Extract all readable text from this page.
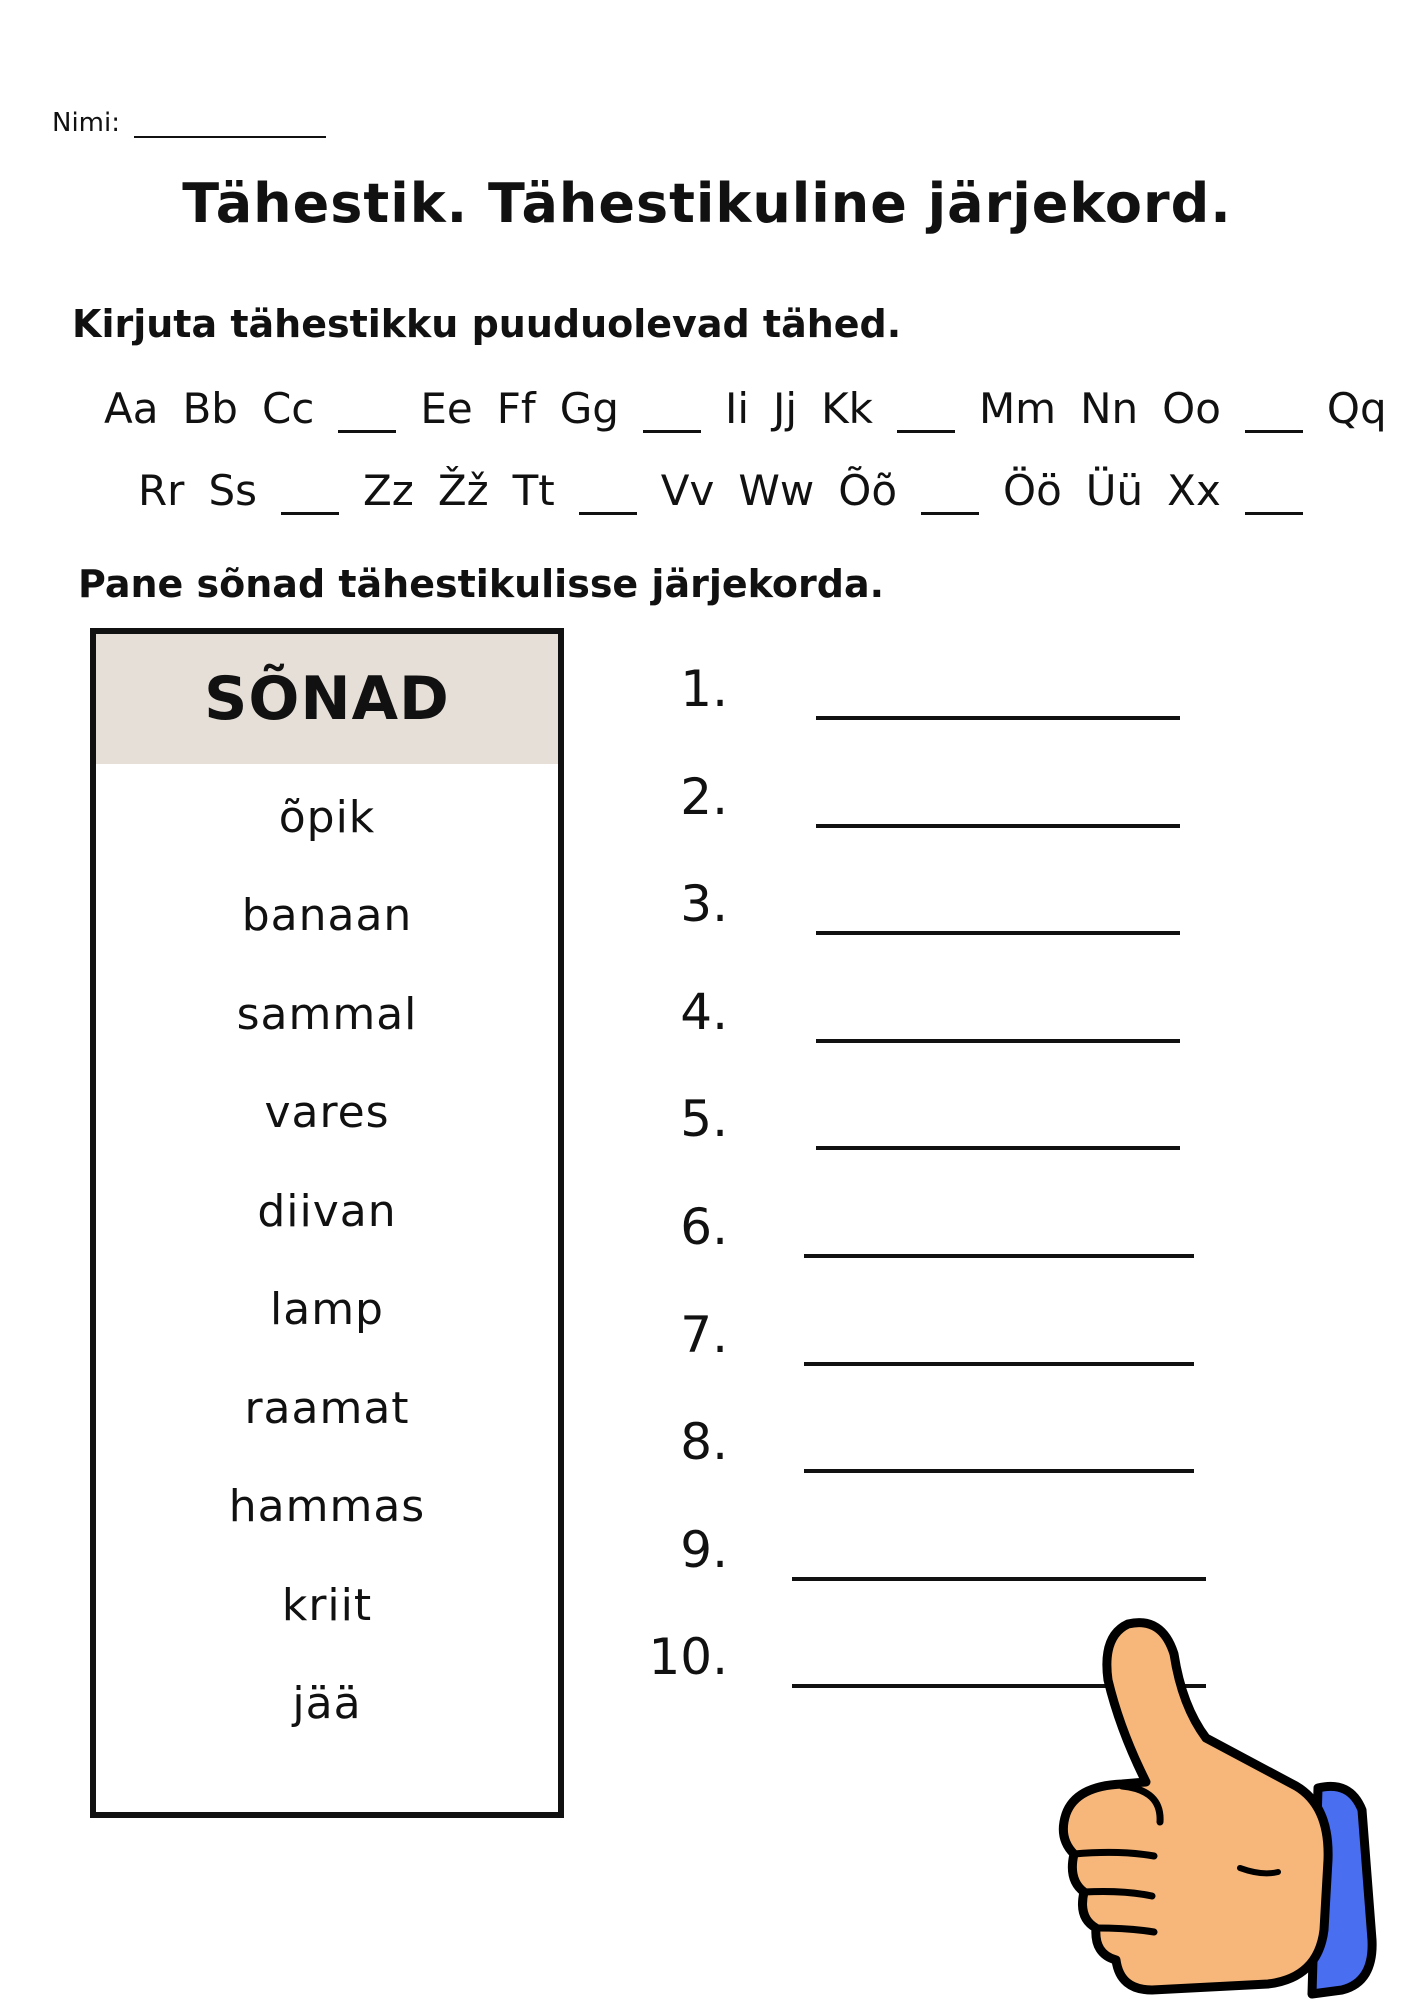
Nimi:
Tähestik. Tähestikuline järjekord.
Kirjuta tähestikku puuduolevad tähed.
Aa Bb Cc	Ee Ff Gg	Ii Jj Kk	Mm Nn Oo	Qq
Rr Ss	Zz Žž Tt	Vv Ww Õõ	Öö Üü Xx
Pane sõnad tähestikulisse järjekorda.
SÕNAD
õpik
banaan
sammal
vares
diivan
lamp
raamat
hammas
kriit
jää
1.
2.
3.
4.
5.
6.
7.
8.
9.
10.
